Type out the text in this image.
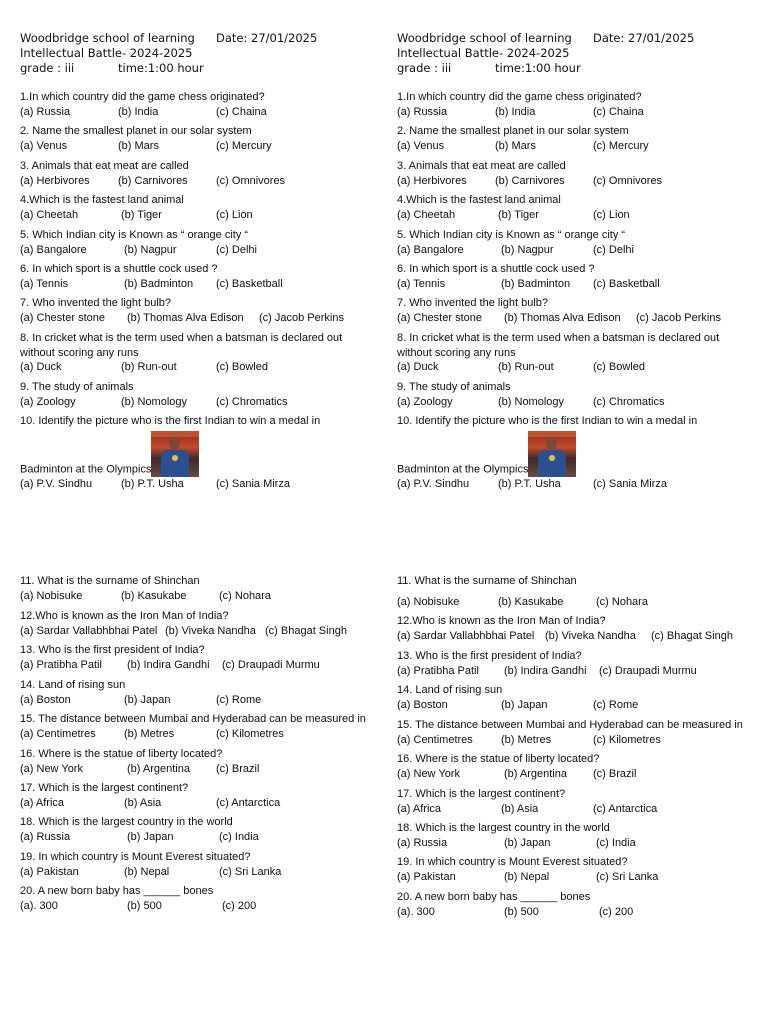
Woodbridge school of learning Date: 27/01/2025
Intellectual Battle- 2024-2025
grade : iii	time:1:00 hour
1.In which country did the game chess originated?
(a) Russia	(b) India	(c) Chaina
2. Name the smallest planet in our solar system
(a) Venus	(b) Mars	(c) Mercury
3. Animals that eat meat are called
(a) Herbivores	(b) Carnivores	(c) Omnivores
4.Which is the fastest land animal
(a) Cheetah	(b) Tiger	(c) Lion
5. Which Indian city is Known as “ orange city “
(a) Bangalore	(b) Nagpur	(c) Delhi
6. In which sport is a shuttle cock used ?
(a) Tennis	(b) Badminton (c) Basketball
7. Who invented the light bulb?
(a) Chester stone (b) Thomas Alva Edison (c) Jacob Perkins
8. In cricket what is the term used when a batsman is declared out
without scoring any runs
(a) Duck	(b) Run-out	(c) Bowled
9. The study of animals
(a) Zoology	(b) Nomology	(c) Chromatics
10. Identify the picture who is the first Indian to win a medal in
Badminton at the Olympics
(a) P.V. Sindhu	(b) P.T. Usha	(c) Sania Mirza
11. What is the surname of Shinchan
(a) Nobisuke	(b) Kasukabe	(c) Nohara
12.Who is known as the Iron Man of India?
(a) Sardar Vallabhbhai Patel (b) Viveka Nandha (c) Bhagat Singh
13. Who is the first president of India?
(a) Pratibha Patil (b) Indira Gandhi (c) Draupadi Murmu
14. Land of rising sun
(a) Boston	(b) Japan	(c) Rome
15. The distance between Mumbai and Hyderabad can be measured in
(a) Centimetres	(b) Metres	(c) Kilometres
16. Where is the statue of liberty located?
(a) New York	(b) Argentina (c) Brazil
17. Which is the largest continent?
(a) Africa	(b) Asia	(c) Antarctica
18. Which is the largest country in the world
(a) Russia	(b) Japan	(c) India
19. In which country is Mount Everest situated?
(a) Pakistan	(b) Nepal	(c) Sri Lanka
20. A new born baby has ______ bones
(a). 300	(b) 500	(c) 200
Woodbridge school of learning Date: 27/01/2025
Intellectual Battle- 2024-2025
grade : iii	time:1:00 hour
1.In which country did the game chess originated?
(a) Russia	(b) India	(c) Chaina
2. Name the smallest planet in our solar system
(a) Venus	(b) Mars	(c) Mercury
3. Animals that eat meat are called
(a) Herbivores	(b) Carnivores	(c) Omnivores
4.Which is the fastest land animal
(a) Cheetah	(b) Tiger	(c) Lion
5. Which Indian city is Known as “ orange city “
(a) Bangalore	(b) Nagpur	(c) Delhi
6. In which sport is a shuttle cock used ?
(a) Tennis	(b) Badminton (c) Basketball
7. Who invented the light bulb?
(a) Chester stone (b) Thomas Alva Edison (c) Jacob Perkins
8. In cricket what is the term used when a batsman is declared out
without scoring any runs
(a) Duck	(b) Run-out	(c) Bowled
9. The study of animals
(a) Zoology	(b) Nomology	(c) Chromatics
10. Identify the picture who is the first Indian to win a medal in
Badminton at the Olympics
(a) P.V. Sindhu	(b) P.T. Usha	(c) Sania Mirza
11. What is the surname of Shinchan
(a) Nobisuke	(b) Kasukabe	(c) Nohara
12.Who is known as the Iron Man of India?
(a) Sardar Vallabhbhai Patel (b) Viveka Nandha (c) Bhagat Singh
13. Who is the first president of India?
(a) Pratibha Patil (b) Indira Gandhi (c) Draupadi Murmu
14. Land of rising sun
(a) Boston	(b) Japan	(c) Rome
15. The distance between Mumbai and Hyderabad can be measured in
(a) Centimetres	(b) Metres	(c) Kilometres
16. Where is the statue of liberty located?
(a) New York	(b) Argentina (c) Brazil
17. Which is the largest continent?
(a) Africa	(b) Asia	(c) Antarctica
18. Which is the largest country in the world
(a) Russia	(b) Japan	(c) India
19. In which country is Mount Everest situated?
(a) Pakistan	(b) Nepal	(c) Sri Lanka
20. A new born baby has ______ bones
(a). 300	(b) 500	(c) 200
